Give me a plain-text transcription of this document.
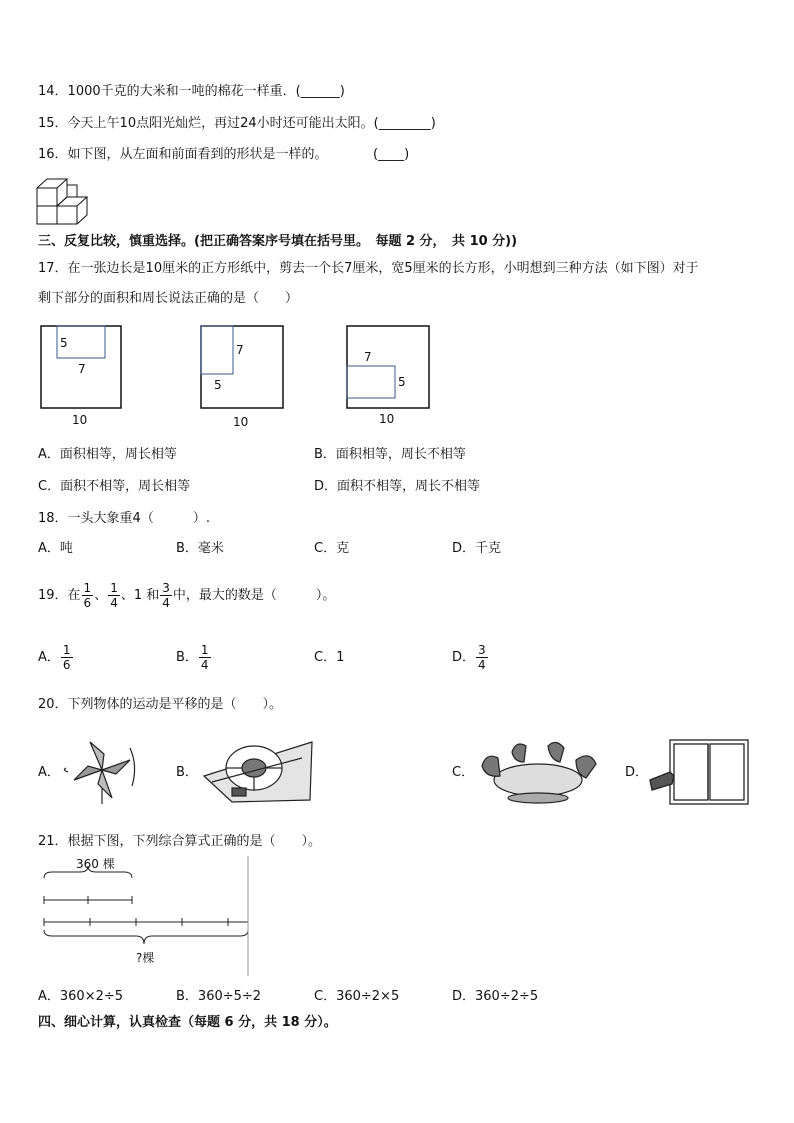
14．1000千克的大米和一吨的棉花一样重．(______)
15．今天上午10点阳光灿烂，再过24小时还可能出太阳。(________)
16．如下图，从左面和前面看到的形状是一样的。　　　　(____)
三、反复比较，慎重选择。(把正确答案序号填在括号里。　每题 2 分，　共 10 分))
17．在一张边长是10厘米的正方形纸中，剪去一个长7厘米，宽5厘米的长方形，小明想到三种方法（如下图）对于
剩下部分的面积和周长说法正确的是（　　）
5
7
10
7
5
10
7
5
10
A．面积相等，周长相等	B．面积相等，周长不相等
C．面积不相等，周长相等	D．面积不相等，周长不相等
18．一头大象重4（　　　）.
A．吨	B．毫米	C．克	D．千克
19．在 $\frac{1}{6}$ 、 $\frac{1}{4}$ 、1 和 $\frac{3}{4}$ 中，最大的数是（　　　）。
A． $\frac{1}{6}$	B． $\frac{1}{4}$	C．1	D． $\frac{3}{4}$
20．下列物体的运动是平移的是（　　）。
A．	B．	C．	D．
21．根据下图，下列综合算式正确的是（　　）。
360 棵
?棵
A．360×2÷5	B．360÷5÷2	C．360÷2×5	D．360÷2÷5
四、细心计算，认真检查（每题 6 分，共 18 分）。
